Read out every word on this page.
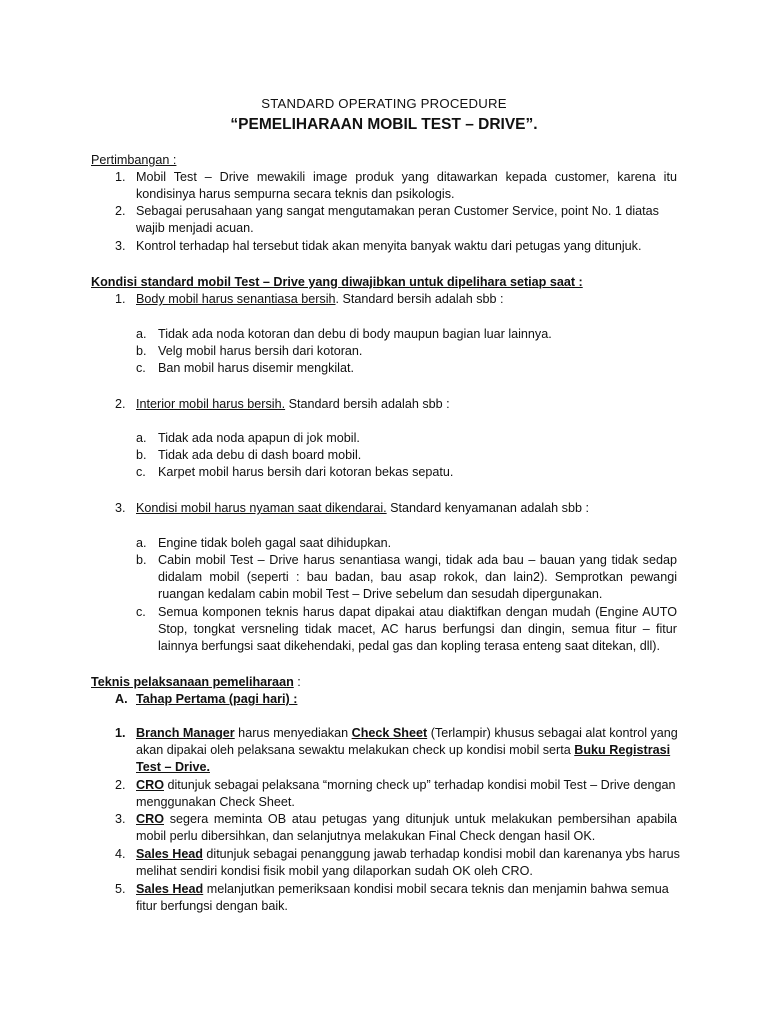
STANDARD OPERATING PROCEDURE
“PEMELIHARAAN MOBIL TEST – DRIVE”.
Pertimbangan :
1. Mobil Test – Drive mewakili image produk yang ditawarkan kepada customer, karena itu
kondisinya harus sempurna secara teknis dan psikologis.
2. Sebagai perusahaan yang sangat mengutamakan peran Customer Service, point No. 1 diatas
wajib menjadi acuan.
3. Kontrol terhadap hal tersebut tidak akan menyita banyak waktu dari petugas yang ditunjuk.
Kondisi standard mobil Test – Drive yang diwajibkan untuk dipelihara setiap saat :
1. Body mobil harus senantiasa bersih. Standard bersih adalah sbb :
a. Tidak ada noda kotoran dan debu di body maupun bagian luar lainnya.
b. Velg mobil harus bersih dari kotoran.
c. Ban mobil harus disemir mengkilat.
2. Interior mobil harus bersih. Standard bersih adalah sbb :
a. Tidak ada noda apapun di jok mobil.
b. Tidak ada debu di dash board mobil.
c. Karpet mobil harus bersih dari kotoran bekas sepatu.
3. Kondisi mobil harus nyaman saat dikendarai. Standard kenyamanan adalah sbb :
a. Engine tidak boleh gagal saat dihidupkan.
b. Cabin mobil Test – Drive harus senantiasa wangi, tidak ada bau – bauan yang tidak sedap
didalam mobil (seperti : bau badan, bau asap rokok, dan lain2). Semprotkan pewangi
ruangan kedalam cabin mobil Test – Drive sebelum dan sesudah dipergunakan.
c. Semua komponen teknis harus dapat dipakai atau diaktifkan dengan mudah (Engine AUTO
Stop, tongkat versneling tidak macet, AC harus berfungsi dan dingin, semua fitur – fitur
lainnya berfungsi saat dikehendaki, pedal gas dan kopling terasa enteng saat ditekan, dll).
Teknis pelaksanaan pemeliharaan :
A. Tahap Pertama (pagi hari) :
1. Branch Manager harus menyediakan Check Sheet (Terlampir) khusus sebagai alat kontrol yang
akan dipakai oleh pelaksana sewaktu melakukan check up kondisi mobil serta Buku Registrasi
Test – Drive.
2. CRO ditunjuk sebagai pelaksana “morning check up” terhadap kondisi mobil Test – Drive dengan
menggunakan Check Sheet.
3. CRO segera meminta OB atau petugas yang ditunjuk untuk melakukan pembersihan apabila
mobil perlu dibersihkan, dan selanjutnya melakukan Final Check dengan hasil OK.
4. Sales Head ditunjuk sebagai penanggung jawab terhadap kondisi mobil dan karenanya ybs harus
melihat sendiri kondisi fisik mobil yang dilaporkan sudah OK oleh CRO.
5. Sales Head melanjutkan pemeriksaan kondisi mobil secara teknis dan menjamin bahwa semua
fitur berfungsi dengan baik.
